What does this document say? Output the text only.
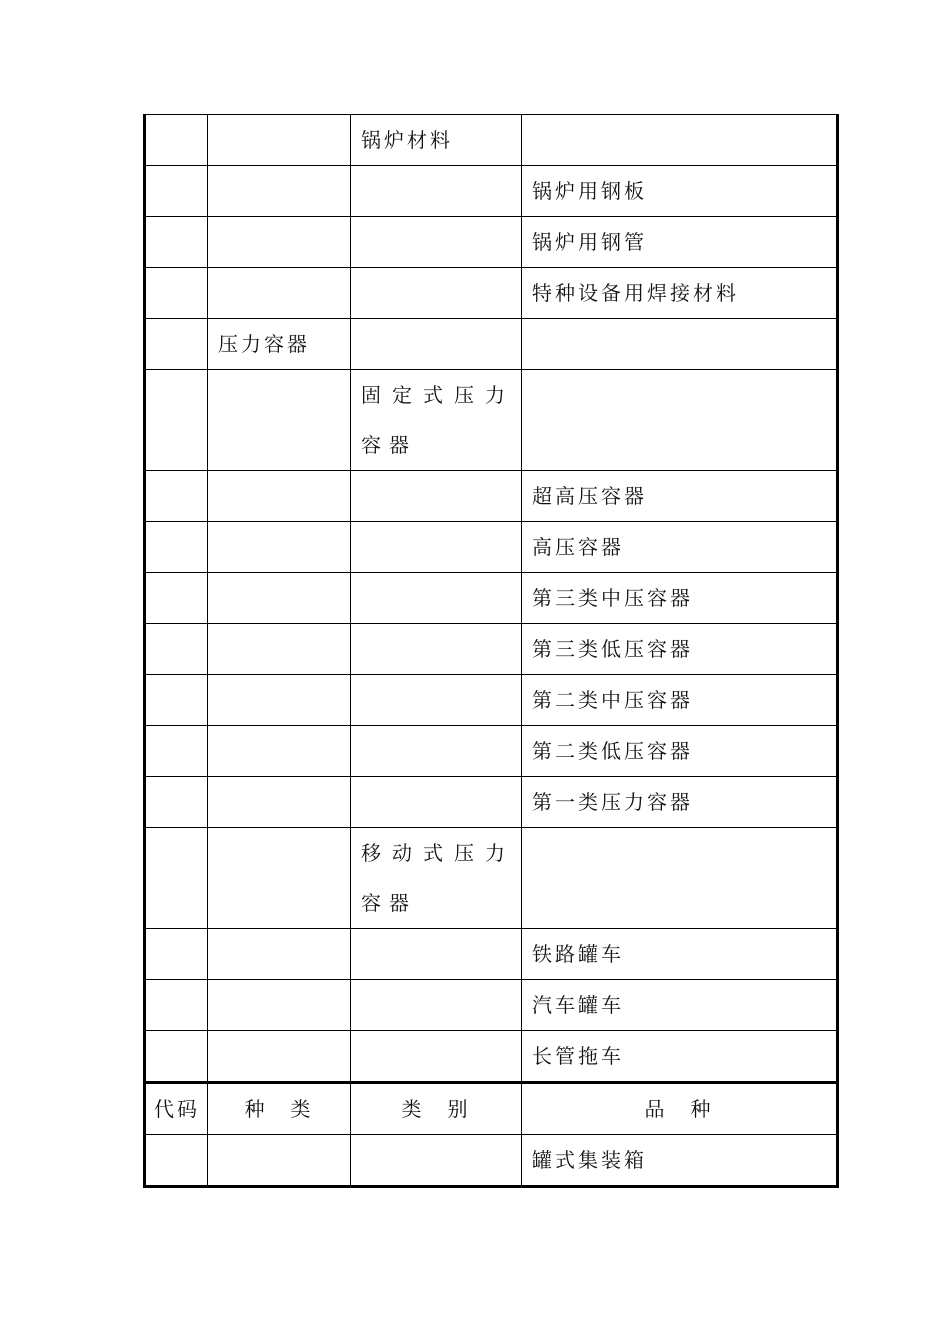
		锅炉材料	
			锅炉用钢板
			锅炉用钢管
			特种设备用焊接材料
	压力容器		

		固定式压力容器	

			超高压容器
			高压容器
			第三类中压容器
			第三类低压容器
			第二类中压容器
			第二类低压容器
			第一类压力容器

		移动式压力容器	

			铁路罐车
			汽车罐车
			长管拖车
代码	种　类	类　别	品　种
			罐式集装箱
